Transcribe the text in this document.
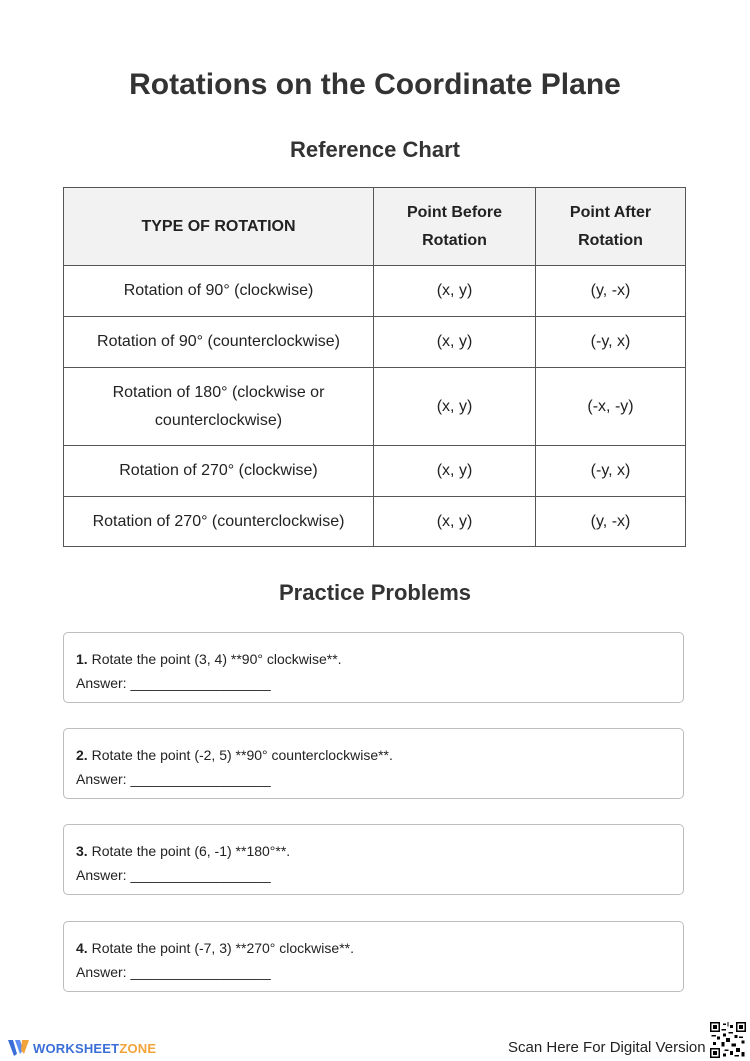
Rotations on the Coordinate Plane
Reference Chart
TYPE OF ROTATION	Point Before Rotation	Point After Rotation
Rotation of 90° (clockwise)	(x, y)	(y, -x)
Rotation of 90° (counterclockwise)	(x, y)	(-y, x)
Rotation of 180° (clockwise or counterclockwise)	(x, y)	(-x, -y)
Rotation of 270° (clockwise)	(x, y)	(-y, x)
Rotation of 270° (counterclockwise)	(x, y)	(y, -x)
Practice Problems
1. Rotate the point (3, 4) **90° clockwise**.
Answer: __________________
2. Rotate the point (-2, 5) **90° counterclockwise**.
Answer: __________________
3. Rotate the point (6, -1) **180°**.
Answer: __________________
4. Rotate the point (-7, 3) **270° clockwise**.
Answer: __________________
WORKSHEETZONE	Scan Here For Digital Version
